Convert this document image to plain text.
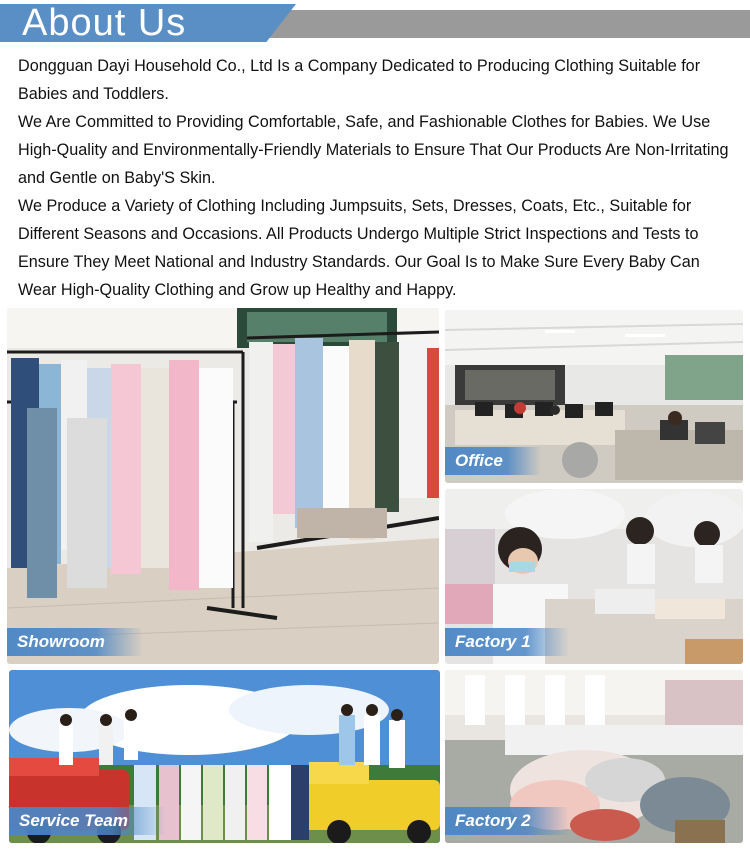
About Us

Dongguan Dayi Household Co., Ltd Is a Company Dedicated to Producing Clothing Suitable for Babies and Toddlers.

We Are Committed to Providing Comfortable, Safe, and Fashionable Clothes for Babies. We Use High-Quality and Environmentally-Friendly Materials to Ensure That Our Products Are Non-Irritating and Gentle on Baby'S Skin.

We Produce a Variety of Clothing Including Jumpsuits, Sets, Dresses, Coats, Etc., Suitable for Different Seasons and Occasions. All Products Undergo Multiple Strict Inspections and Tests to Ensure They Meet National and Industry Standards. Our Goal Is to Make Sure Every Baby Can Wear High-Quality Clothing and Grow up Healthy and Happy.

Showroom
Office
Factory 1
Service Team	Factory 2
